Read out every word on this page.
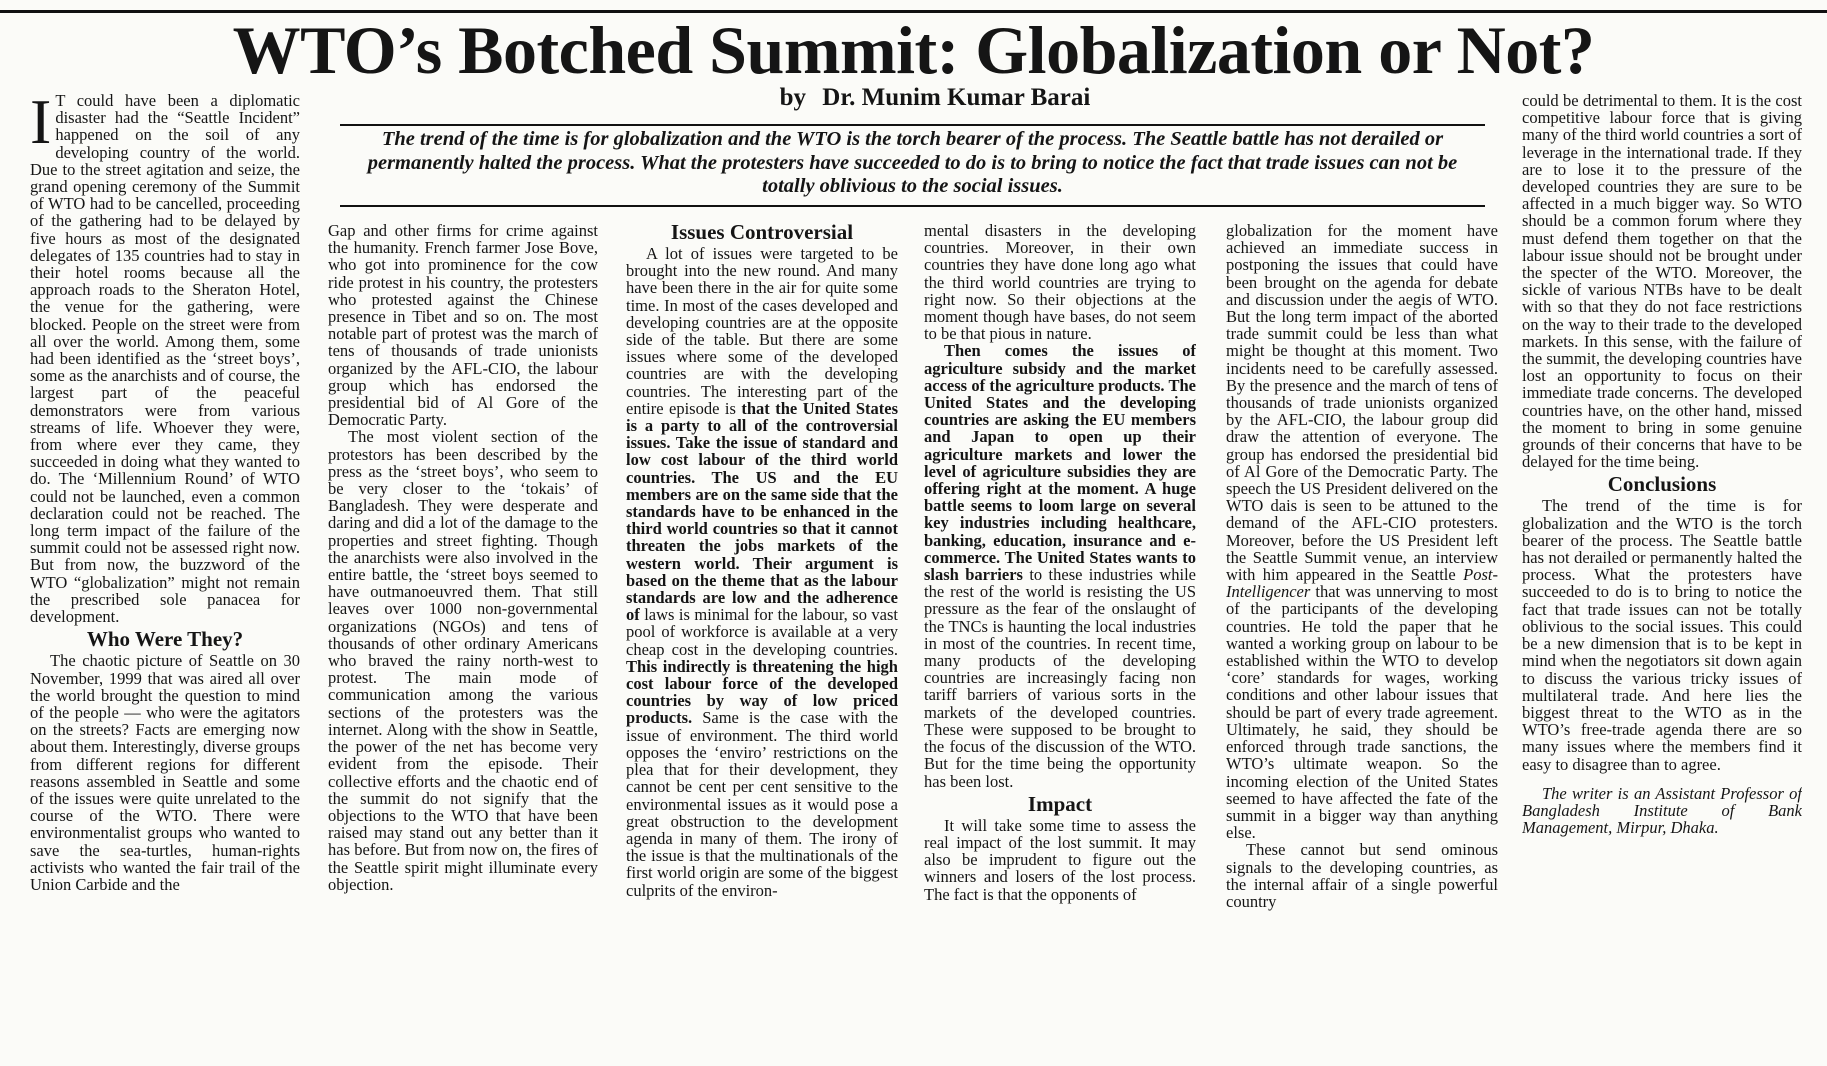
WTO’s Botched Summit: Globalization or Not?
by Dr. Munim Kumar Barai

The trend of the time is for globalization and the WTO is the torch bearer of the process. The Seattle battle has not derailed or permanently halted the process. What the protesters have succeeded to do is to bring to notice the fact that trade issues can not be totally oblivious to the social issues.

I T could have been a diplomatic disaster had the “Seattle Incident” happened on the soil of any developing country of the world. Due to the street agitation and seize, the grand opening ceremony of the Summit of WTO had to be cancelled, proceeding of the gathering had to be delayed by five hours as most of the designated delegates of 135 countries had to stay in their hotel rooms because all the approach roads to the Sheraton Hotel, the venue for the gathering, were blocked. People on the street were from all over the world. Among them, some had been identified as the ‘street boys’, some as the anarchists and of course, the largest part of the peaceful demonstrators were from various streams of life. Whoever they were, from where ever they came, they succeeded in doing what they wanted to do. The ‘Millennium Round’ of WTO could not be launched, even a common declaration could not be reached. The long term impact of the failure of the summit could not be assessed right now. But from now, the buzzword of the WTO “globalization” might not remain the prescribed sole panacea for development.

Who Were They?

The chaotic picture of Seattle on 30 November, 1999 that was aired all over the world brought the question to mind of the people — who were the agitators on the streets? Facts are emerging now about them. Interestingly, diverse groups from different regions for different reasons assembled in Seattle and some of the issues were quite unrelated to the course of the WTO. There were environmentalist groups who wanted to save the sea-turtles, human-rights activists who wanted the fair trail of the Union Carbide and the

Gap and other firms for crime against the humanity. French farmer Jose Bove, who got into prominence for the cow ride protest in his country, the protesters who protested against the Chinese presence in Tibet and so on. The most notable part of protest was the march of tens of thousands of trade unionists organized by the AFL-CIO, the labour group which has endorsed the presidential bid of Al Gore of the Democratic Party.

The most violent section of the protestors has been described by the press as the ‘street boys’, who seem to be very closer to the ‘tokais’ of Bangladesh. They were desperate and daring and did a lot of the damage to the properties and street fighting. Though the anarchists were also involved in the entire battle, the ‘street boys seemed to have outmanoeuvred them. That still leaves over 1000 non-governmental organizations (NGOs) and tens of thousands of other ordinary Americans who braved the rainy north-west to protest. The main mode of communication among the various sections of the protesters was the internet. Along with the show in Seattle, the power of the net has become very evident from the episode. Their collective efforts and the chaotic end of the summit do not signify that the objections to the WTO that have been raised may stand out any better than it has before. But from now on, the fires of the Seattle spirit might illuminate every objection.

Issues Controversial

A lot of issues were targeted to be brought into the new round. And many have been there in the air for quite some time. In most of the cases developed and developing countries are at the opposite side of the table. But there are some issues where some of the developed countries are with the developing countries. The interesting part of the entire episode is that the United States is a party to all of the controversial issues. Take the issue of standard and low cost labour of the third world countries. The US and the EU members are on the same side that the standards have to be enhanced in the third world countries so that it cannot threaten the jobs markets of the western world. Their argument is based on the theme that as the labour standards are low and the adherence of laws is minimal for the labour, so vast pool of workforce is available at a very cheap cost in the developing countries. This indirectly is threatening the high cost labour force of the developed countries by way of low priced products. Same is the case with the issue of environment. The third world opposes the ‘enviro’ restrictions on the plea that for their development, they cannot be cent per cent sensitive to the environmental issues as it would pose a great obstruction to the development agenda in many of them. The irony of the issue is that the multinationals of the first world origin are some of the biggest culprits of the environ-

mental disasters in the developing countries. Moreover, in their own countries they have done long ago what the third world countries are trying to right now. So their objections at the moment though have bases, do not seem to be that pious in nature.

Then comes the issues of agriculture subsidy and the market access of the agriculture products. The United States and the developing countries are asking the EU members and Japan to open up their agriculture markets and lower the level of agriculture subsidies they are offering right at the moment. A huge battle seems to loom large on several key industries including healthcare, banking, education, insurance and e-commerce. The United States wants to slash barriers to these industries while the rest of the world is resisting the US pressure as the fear of the onslaught of the TNCs is haunting the local industries in most of the countries. In recent time, many products of the developing countries are increasingly facing non tariff barriers of various sorts in the markets of the developed countries. These were supposed to be brought to the focus of the discussion of the WTO. But for the time being the opportunity has been lost.

Impact

It will take some time to assess the real impact of the lost summit. It may also be imprudent to figure out the winners and losers of the lost process. The fact is that the opponents of

globalization for the moment have achieved an immediate success in postponing the issues that could have been brought on the agenda for debate and discussion under the aegis of WTO. But the long term impact of the aborted trade summit could be less than what might be thought at this moment. Two incidents need to be carefully assessed. By the presence and the march of tens of thousands of trade unionists organized by the AFL-CIO, the labour group did draw the attention of everyone. The group has endorsed the presidential bid of Al Gore of the Democratic Party. The speech the US President delivered on the WTO dais is seen to be attuned to the demand of the AFL-CIO protesters. Moreover, before the US President left the Seattle Summit venue, an interview with him appeared in the Seattle Post-Intelligencer that was unnerving to most of the participants of the developing countries. He told the paper that he wanted a working group on labour to be established within the WTO to develop ‘core’ standards for wages, working conditions and other labour issues that should be part of every trade agreement. Ultimately, he said, they should be enforced through trade sanctions, the WTO’s ultimate weapon. So the incoming election of the United States seemed to have affected the fate of the summit in a bigger way than anything else.

These cannot but send ominous signals to the developing countries, as the internal affair of a single powerful country

could be detrimental to them. It is the cost competitive labour force that is giving many of the third world countries a sort of leverage in the international trade. If they are to lose it to the pressure of the developed countries they are sure to be affected in a much bigger way. So WTO should be a common forum where they must defend them together on that the labour issue should not be brought under the specter of the WTO. Moreover, the sickle of various NTBs have to be dealt with so that they do not face restrictions on the way to their trade to the developed markets. In this sense, with the failure of the summit, the developing countries have lost an opportunity to focus on their immediate trade concerns. The developed countries have, on the other hand, missed the moment to bring in some genuine grounds of their concerns that have to be delayed for the time being.

Conclusions

The trend of the time is for globalization and the WTO is the torch bearer of the process. The Seattle battle has not derailed or permanently halted the process. What the protesters have succeeded to do is to bring to notice the fact that trade issues can not be totally oblivious to the social issues. This could be a new dimension that is to be kept in mind when the negotiators sit down again to discuss the various tricky issues of multilateral trade. And here lies the biggest threat to the WTO as in the WTO’s free-trade agenda there are so many issues where the members find it easy to disagree than to agree.

The writer is an Assistant Professor of Bangladesh Institute of Bank Management, Mirpur, Dhaka.
